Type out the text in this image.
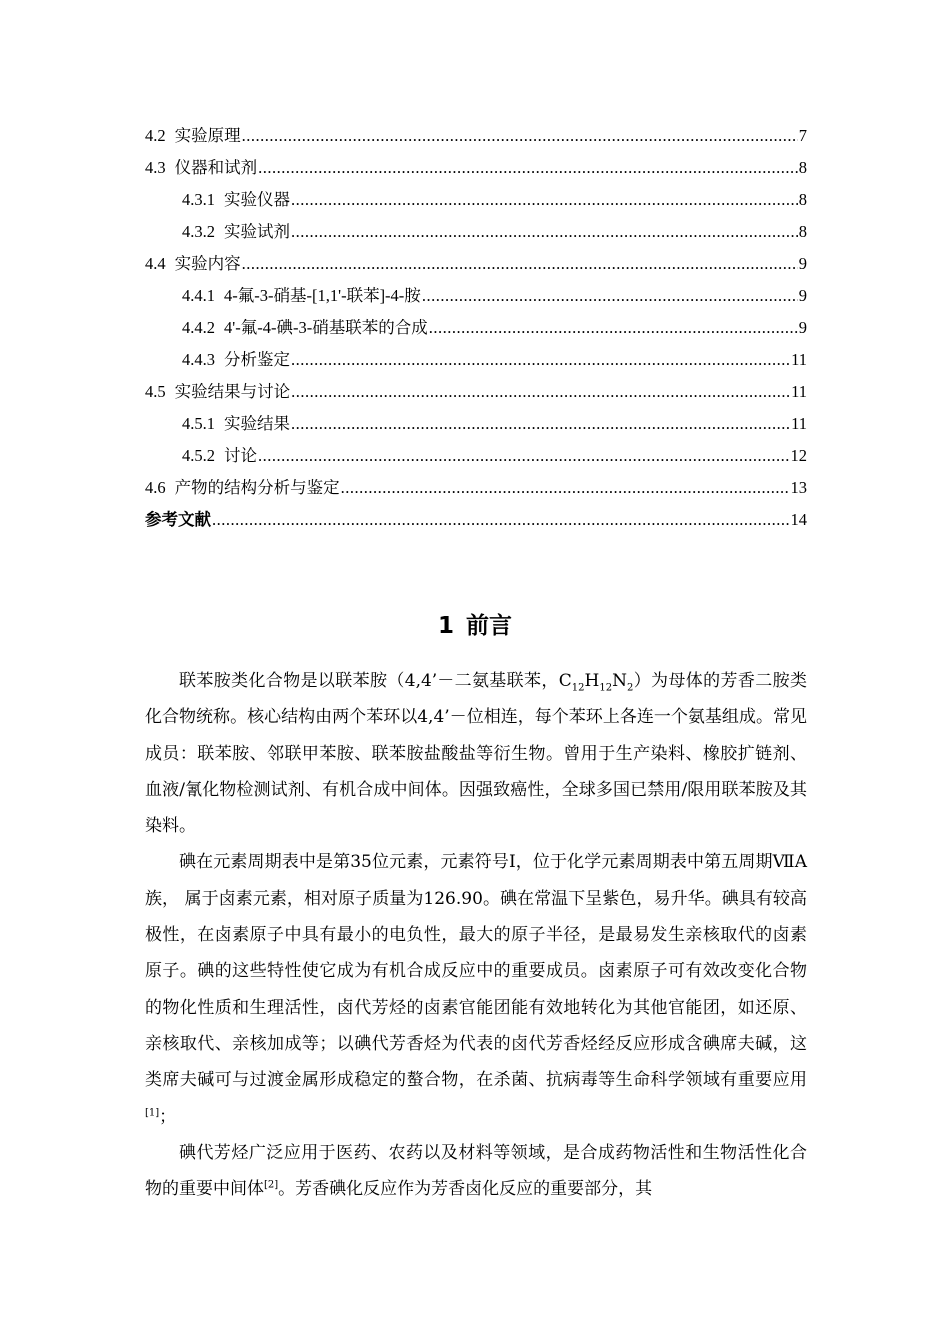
4.2 实验原理 .....	7
4.3 仪器和试剂 .....	8
4.3.1 实验仪器 .....	8
4.3.2 实验试剂 .....	8
4.4 实验内容 .....	9
4.4.1 4-氟-3-硝基-[1,1'-联苯]-4-胺 .....	9
4.4.2 4'-氟-4-碘-3-硝基联苯的合成 .....	9
4.4.3 分析鉴定 .....	11
4.5 实验结果与讨论 .....	11
4.5.1 实验结果 .....	11
4.5.2 讨论 .....	12
4.6 产物的结构分析与鉴定 .....	13
参考文献 .....	14
1 前言

联苯胺类化合物是以联苯胺（4,4’－二氨基联苯，$C_{12}H_{12}N_2$）为母体的芳香二胺类化合物统称。核心结构由两个苯环以4,4’－位相连，每个苯环上各连一个氨基组成。常见成员：联苯胺、邻联甲苯胺、联苯胺盐酸盐等衍生物。曾用于生产染料、橡胶扩链剂、血液/氰化物检测试剂、有机合成中间体。因强致癌性，全球多国已禁用/限用联苯胺及其染料。

碘在元素周期表中是第35位元素，元素符号I，位于化学元素周期表中第五周期ⅦA族， 属于卤素元素，相对原子质量为126.90。碘在常温下呈紫色，易升华。碘具有较高极性，在卤素原子中具有最小的电负性，最大的原子半径，是最易发生亲核取代的卤素原子。碘的这些特性使它成为有机合成反应中的重要成员。卤素原子可有效改变化合物的物化性质和生理活性，卤代芳烃的卤素官能团能有效地转化为其他官能团，如还原、亲核取代、亲核加成等；以碘代芳香烃为代表的卤代芳香烃经反应形成含碘席夫碱，这类席夫碱可与过渡金属形成稳定的螯合物，在杀菌、抗病毒等生命科学领域有重要应用[1]；

碘代芳烃广泛应用于医药、农药以及材料等领域，是合成药物活性和生物活性化合物的重要中间体[2]。芳香碘化反应作为芳香卤化反应的重要部分，其
